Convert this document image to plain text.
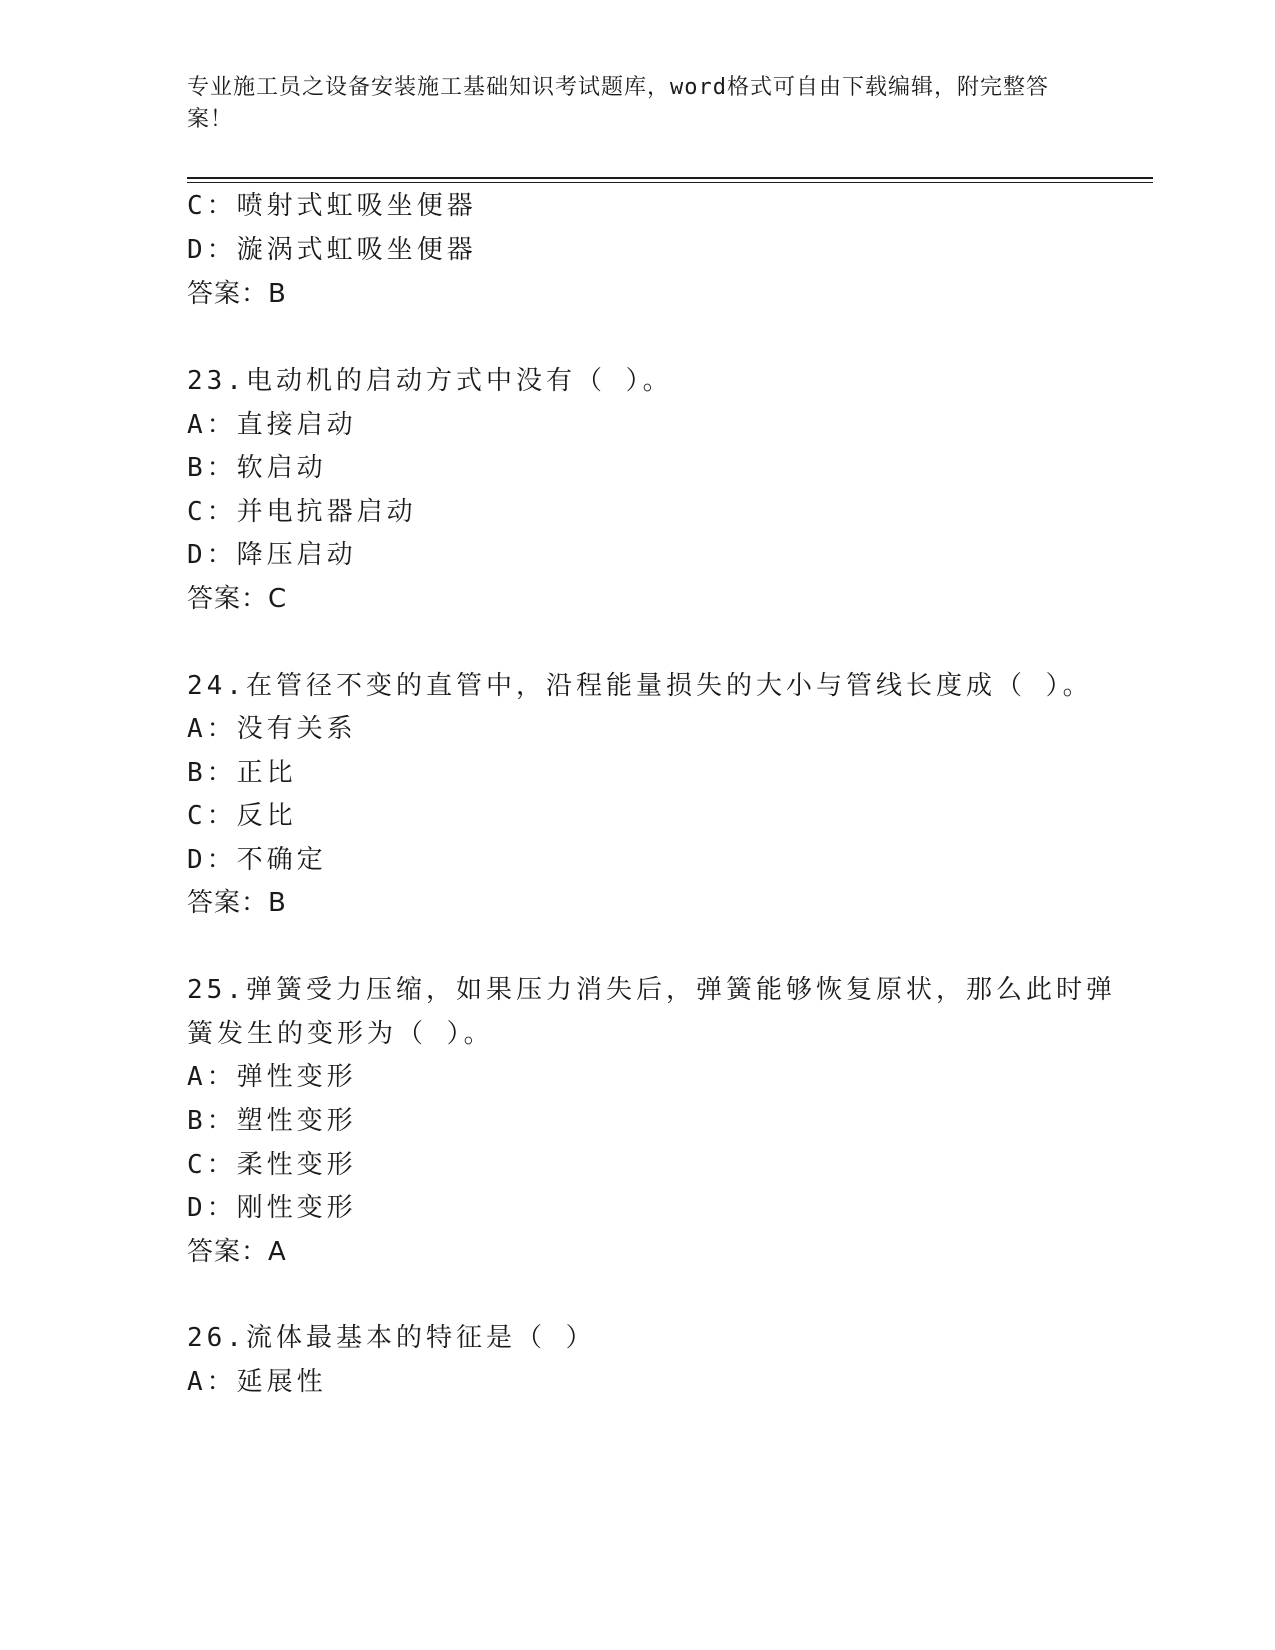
专业施工员之设备安装施工基础知识考试题库，word格式可自由下载编辑，附完整答案！
C：喷射式虹吸坐便器
D：漩涡式虹吸坐便器
答案：B
23.电动机的启动方式中没有（ ）。
A：直接启动
B：软启动
C：并电抗器启动
D：降压启动
答案：C
24.在管径不变的直管中，沿程能量损失的大小与管线长度成（ ）。
A：没有关系
B：正比
C：反比
D：不确定
答案：B
25.弹簧受力压缩，如果压力消失后，弹簧能够恢复原状，那么此时弹
簧发生的变形为（ ）。
A：弹性变形
B：塑性变形
C：柔性变形
D：刚性变形
答案：A
26.流体最基本的特征是（ ）
A：延展性
